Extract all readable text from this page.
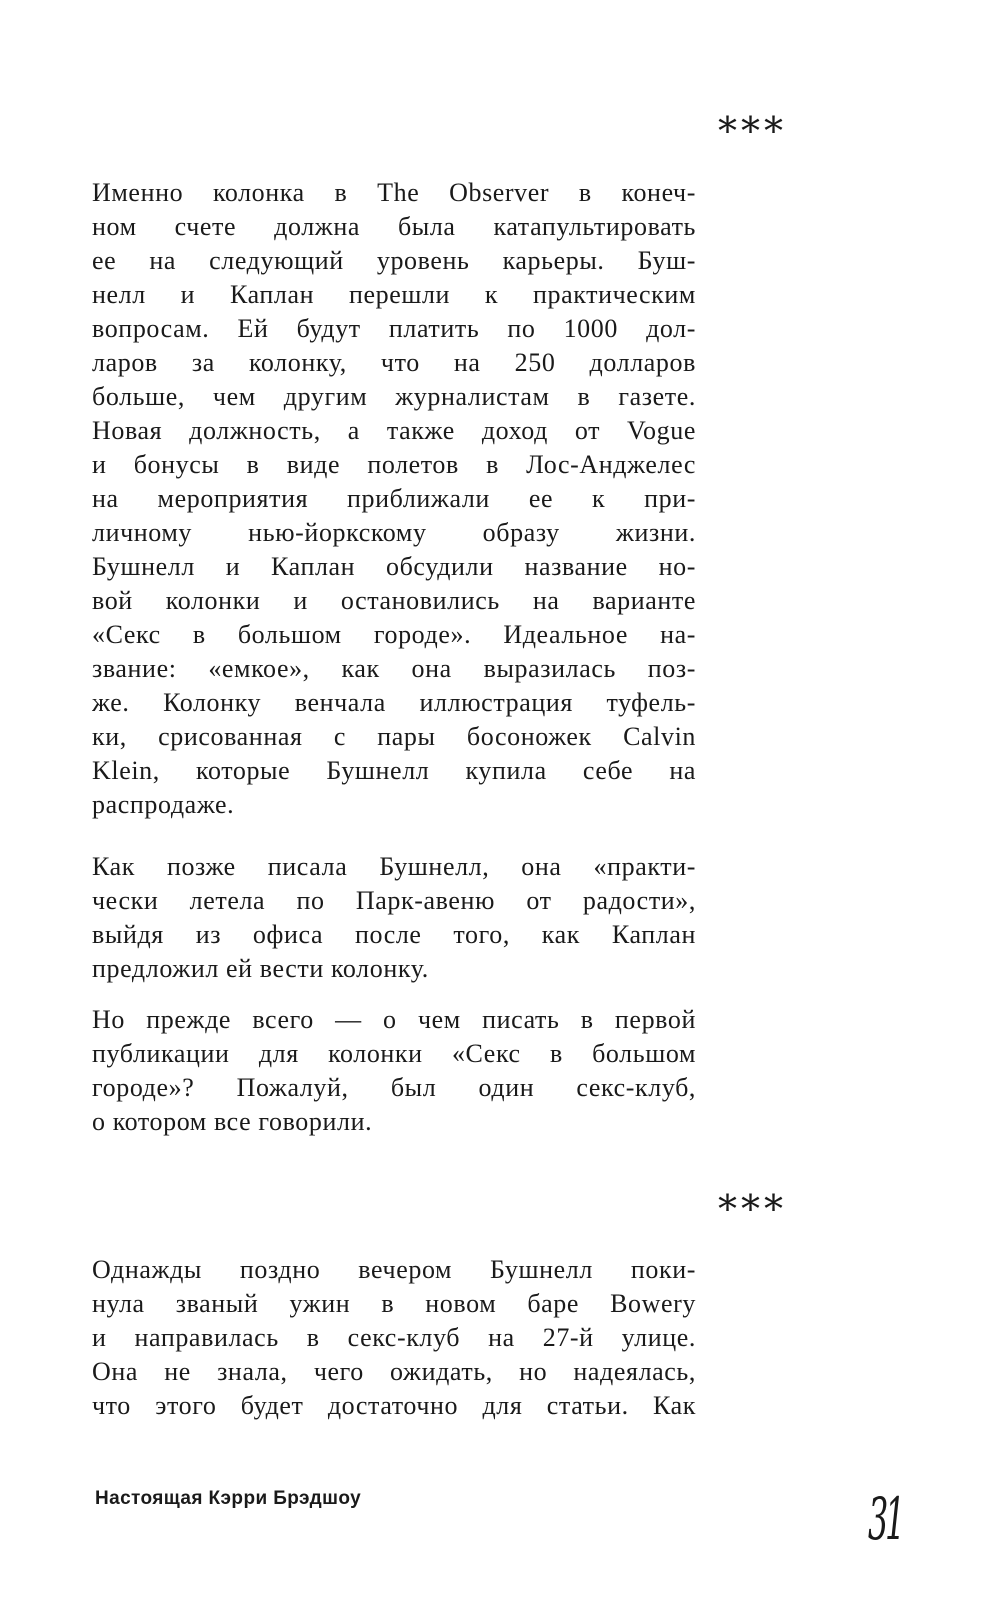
***
Именно колонка в The Observer в конеч-
ном счете должна была катапультировать
ее на следующий уровень карьеры. Буш-
нелл и Каплан перешли к практическим
вопросам. Ей будут платить по 1000 дол-
ларов за колонку, что на 250 долларов
больше, чем другим журналистам в газете.
Новая должность, а также доход от Vogue
и бонусы в виде полетов в Лос-Анджелес
на мероприятия приближали ее к при-
личному нью-йоркскому образу жизни.
Бушнелл и Каплан обсудили название но-
вой колонки и остановились на варианте
«Секс в большом городе». Идеальное на-
звание: «емкое», как она выразилась поз-
же. Колонку венчала иллюстрация туфель-
ки, срисованная с пары босоножек Calvin
Klein, которые Бушнелл купила себе на
распродаже.
Как позже писала Бушнелл, она «практи-
чески летела по Парк-авеню от радости»,
выйдя из офиса после того, как Каплан
предложил ей вести колонку.
Но прежде всего — о чем писать в первой
публикации для колонки «Секс в большом
городе»? Пожалуй, был один секс-клуб,
о котором все говорили.
***
Однажды поздно вечером Бушнелл поки-
нула званый ужин в новом баре Bowery
и направилась в секс-клуб на 27-й улице.
Она не знала, чего ожидать, но надеялась,
что этого будет достаточно для статьи. Как
Настоящая Кэрри Брэдшоу	31
